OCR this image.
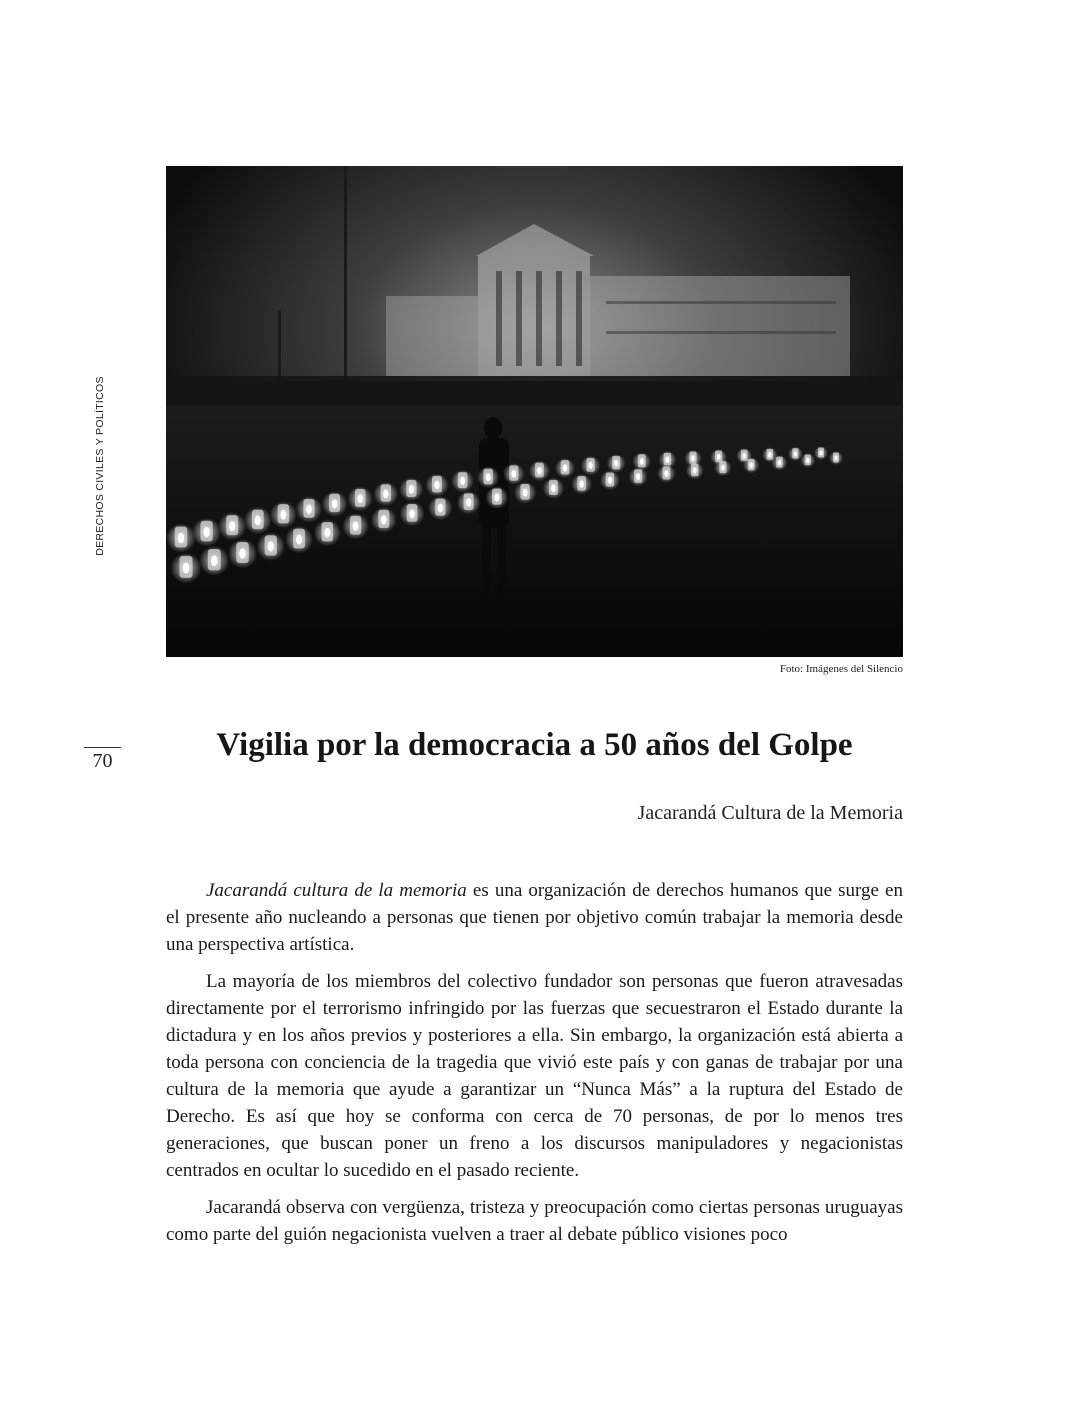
DERECHOS CIVILES Y POLÍTICOS
70
Foto: Imágenes del Silencio
Vigilia por la democracia a 50 años del Golpe
Jacarandá Cultura de la Memoria

Jacarandá cultura de la memoria es una organización de derechos humanos que surge en el presente año nucleando a personas que tienen por objetivo común trabajar la memoria desde una perspectiva artística.

La mayoría de los miembros del colectivo fundador son personas que fueron atravesadas directamente por el terrorismo infringido por las fuerzas que secuestraron el Estado durante la dictadura y en los años previos y posteriores a ella. Sin embargo, la organización está abierta a toda persona con conciencia de la tragedia que vivió este país y con ganas de trabajar por una cultura de la memoria que ayude a garantizar un “Nunca Más” a la ruptura del Estado de Derecho. Es así que hoy se conforma con cerca de 70 personas, de por lo menos tres generaciones, que buscan poner un freno a los discursos manipuladores y negacionistas centrados en ocultar lo sucedido en el pasado reciente.

Jacarandá observa con vergüenza, tristeza y preocupación como ciertas personas uruguayas como parte del guión negacionista vuelven a traer al debate público visiones poco
